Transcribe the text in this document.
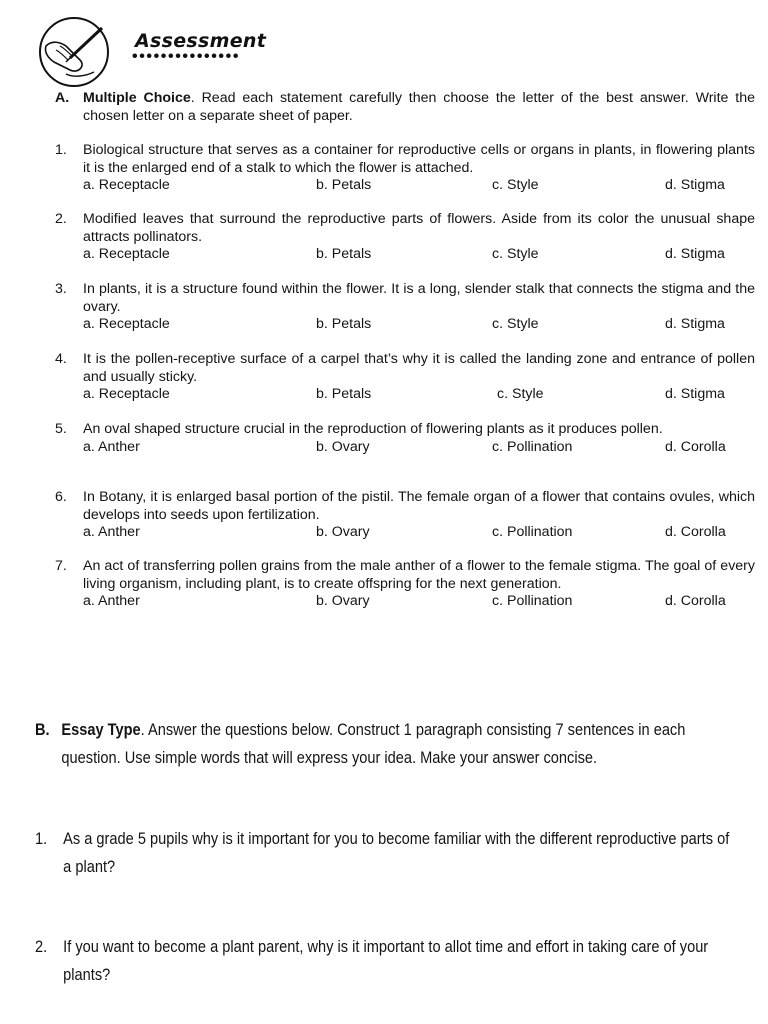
Assessment
•••••••••••••••
A. Multiple Choice. Read each statement carefully then choose the letter of the best answer. Write the chosen letter on a separate sheet of paper.
1. Biological structure that serves as a container for reproductive cells or organs in plants, in flowering plants it is the enlarged end of a stalk to which the flower is attached.
a. Receptacle	b. Petals	c. Style	d. Stigma
2. Modified leaves that surround the reproductive parts of flowers. Aside from its color the unusual shape attracts pollinators.
a. Receptacle	b. Petals	c. Style	d. Stigma
3. In plants, it is a structure found within the flower. It is a long, slender stalk that connects the stigma and the ovary.
a. Receptacle	b. Petals	c. Style	d. Stigma
4. It is the pollen-receptive surface of a carpel that’s why it is called the landing zone and entrance of pollen and usually sticky.
a. Receptacle	b. Petals	c. Style	d. Stigma
5. An oval shaped structure crucial in the reproduction of flowering plants as it produces pollen.
a. Anther	b. Ovary	c. Pollination	d. Corolla
6. In Botany, it is enlarged basal portion of the pistil. The female organ of a flower that contains ovules, which develops into seeds upon fertilization.
a. Anther	b. Ovary	c. Pollination	d. Corolla
7. An act of transferring pollen grains from the male anther of a flower to the female stigma. The goal of every living organism, including plant, is to create offspring for the next generation.
a. Anther	b. Ovary	c. Pollination	d. Corolla
B. Essay Type. Answer the questions below. Construct 1 paragraph consisting 7 sentences in each question. Use simple words that will express your idea. Make your answer concise.
1. As a grade 5 pupils why is it important for you to become familiar with the different reproductive parts of a plant?
2. If you want to become a plant parent, why is it important to allot time and effort in taking care of your plants?
